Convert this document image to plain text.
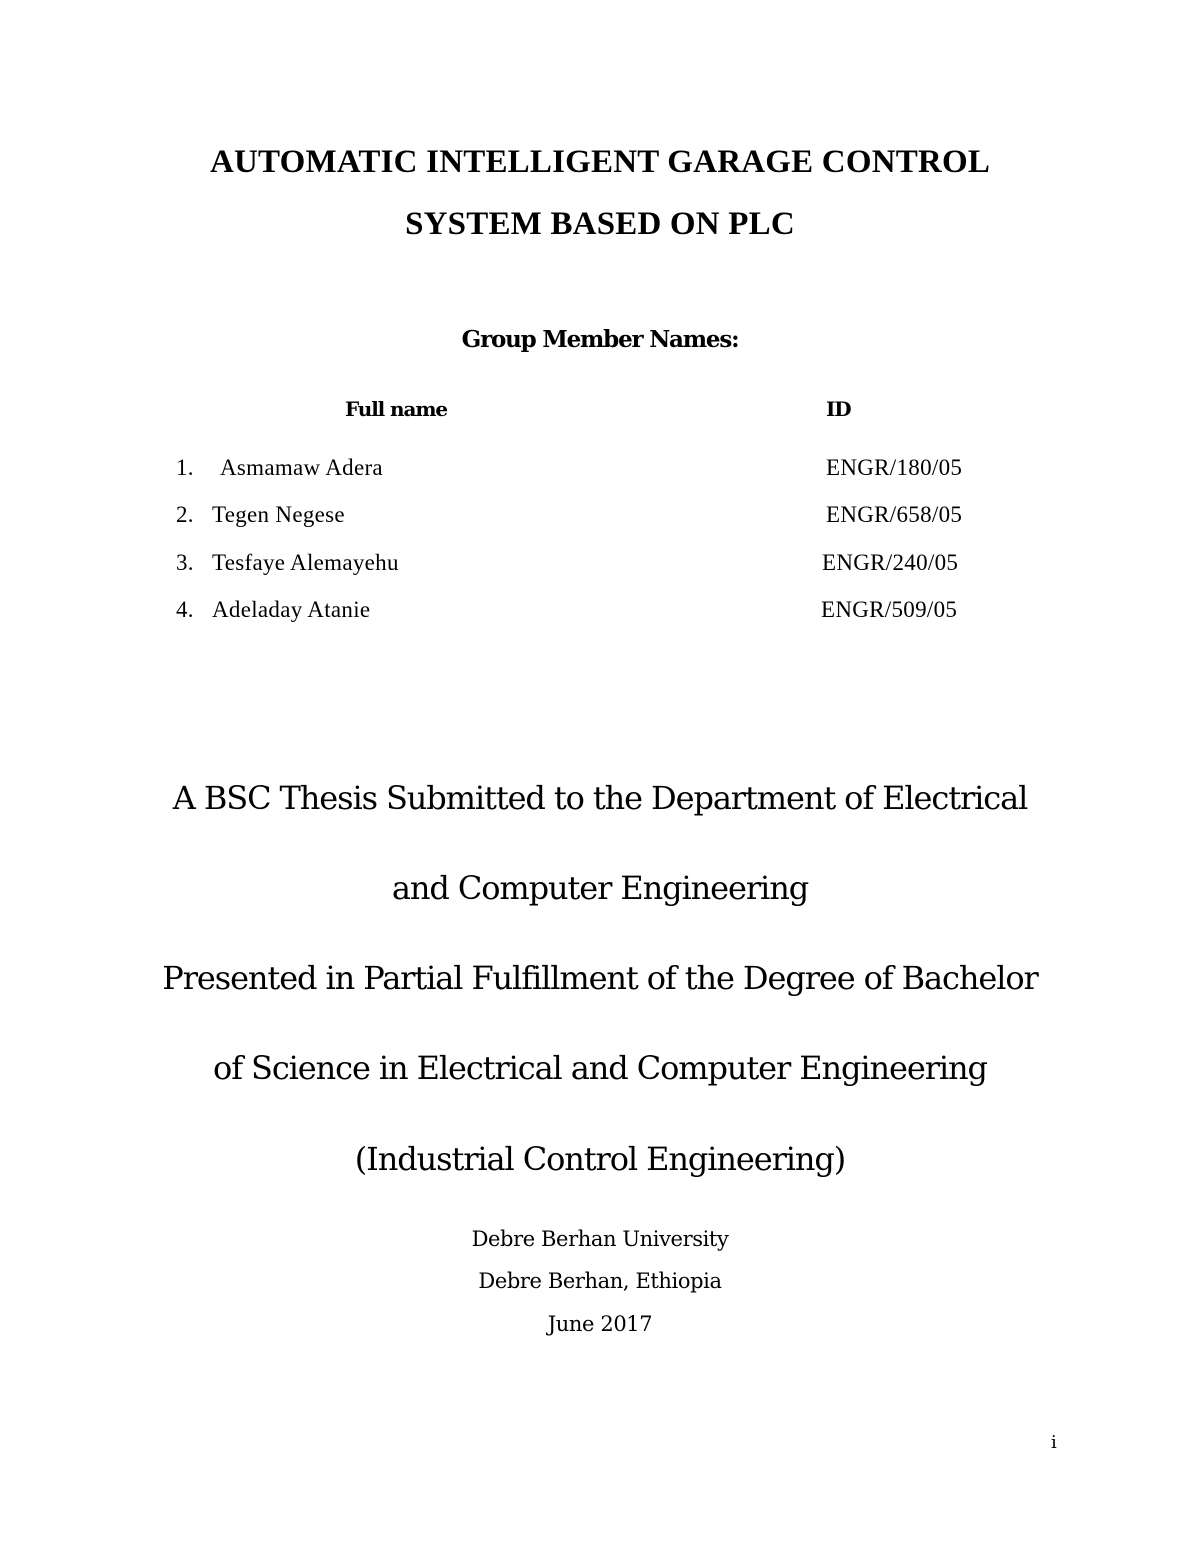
AUTOMATIC INTELLIGENT GARAGE CONTROL
SYSTEM BASED ON PLC
Group Member Names:
Full name	ID
1. Asmamaw Adera	ENGR/180/05
2. Tegen Negese	ENGR/658/05
3. Tesfaye Alemayehu	ENGR/240/05
4. Adeladay Atanie	ENGR/509/05
A BSC Thesis Submitted to the Department of Electrical
and Computer Engineering
Presented in Partial Fulfillment of the Degree of Bachelor
of Science in Electrical and Computer Engineering
(Industrial Control Engineering)
Debre Berhan University
Debre Berhan, Ethiopia
June 2017
i
